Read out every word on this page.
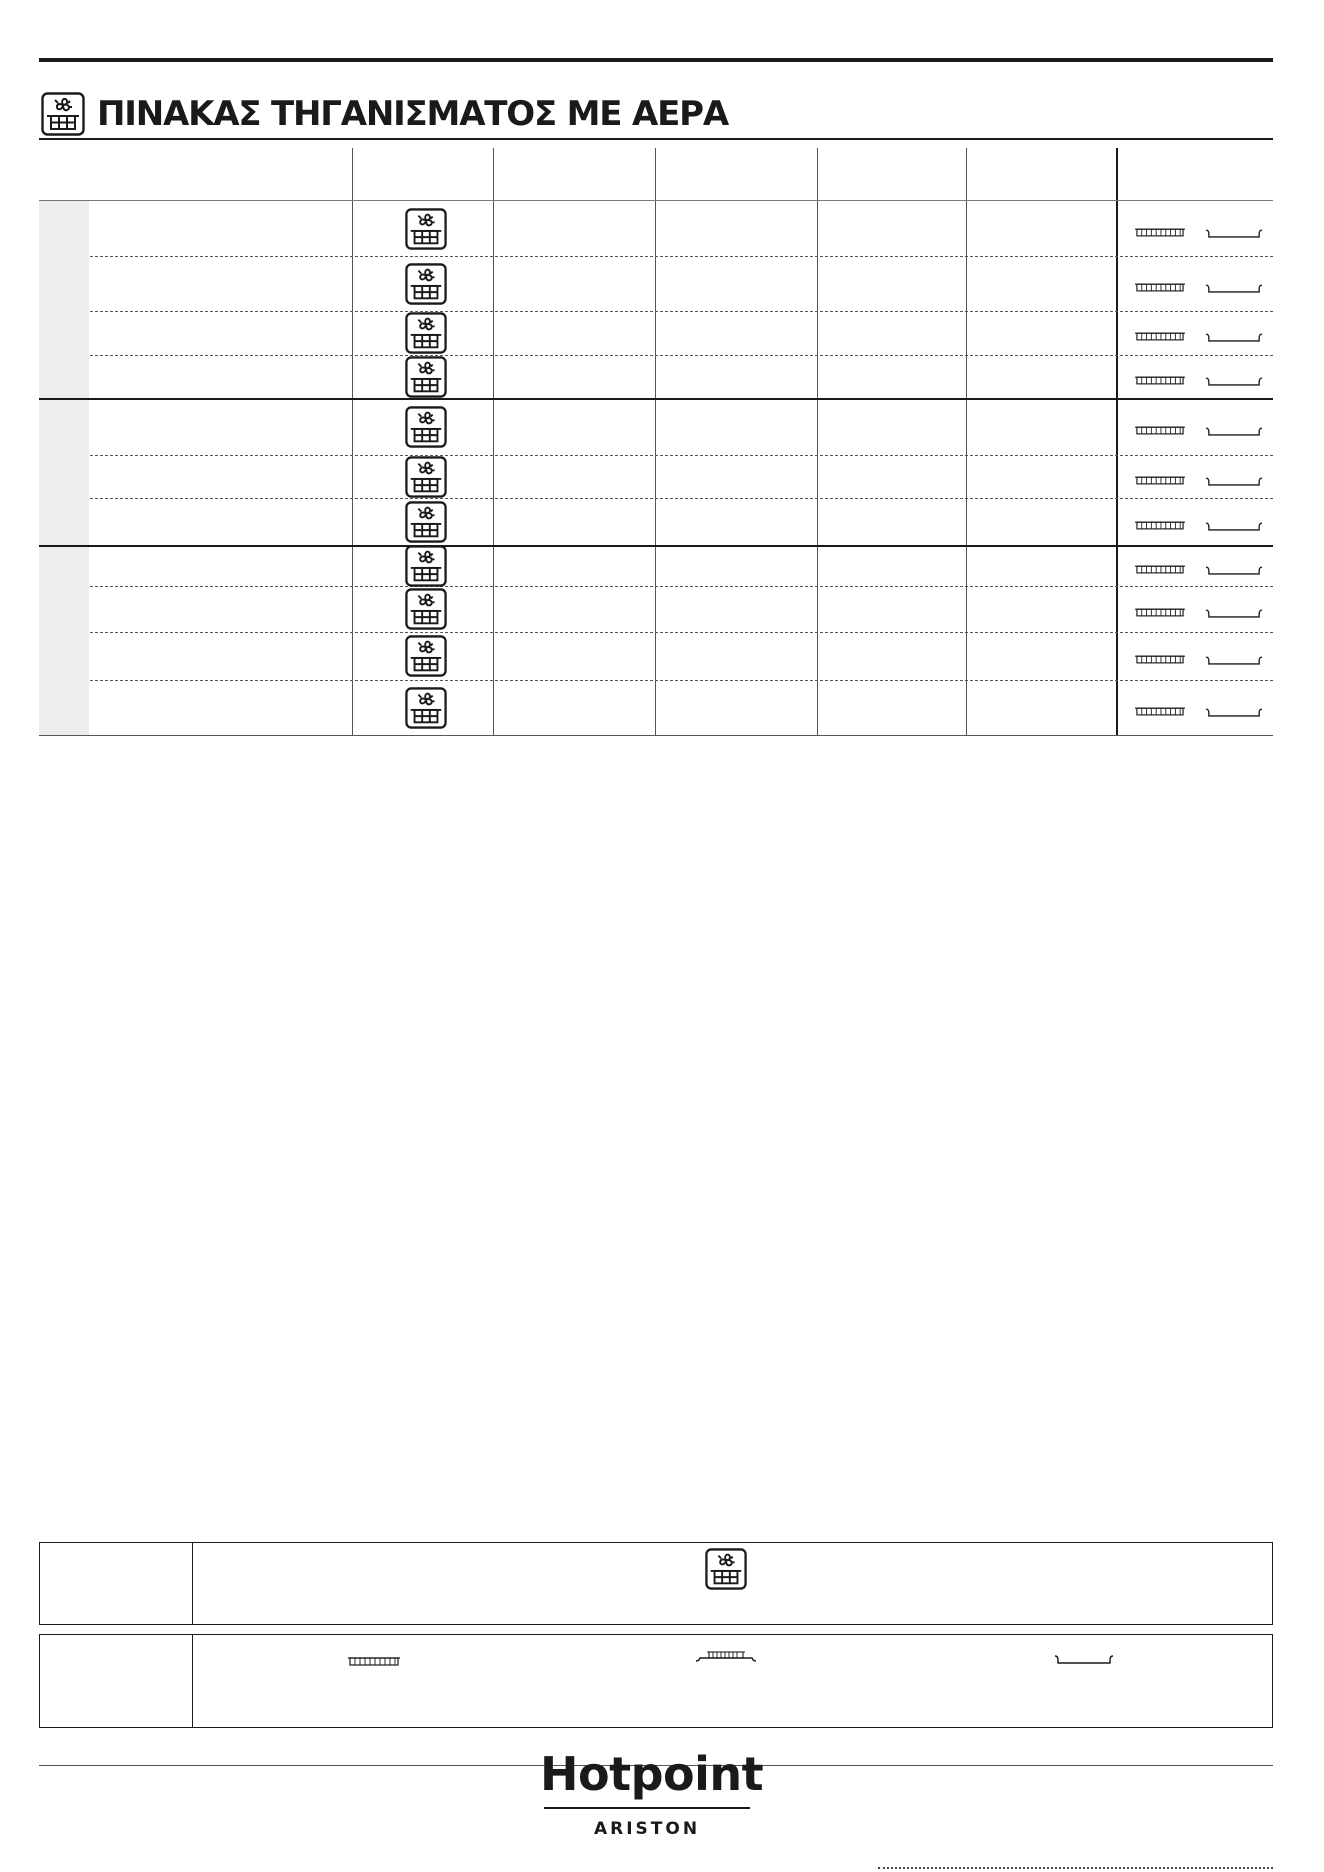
ΠΙΝΑΚΑΣ ΤΗΓΑΝΙΣΜΑΤΟΣ ΜΕ ΑΕΡΑ
Hotpoint
ARISTON
